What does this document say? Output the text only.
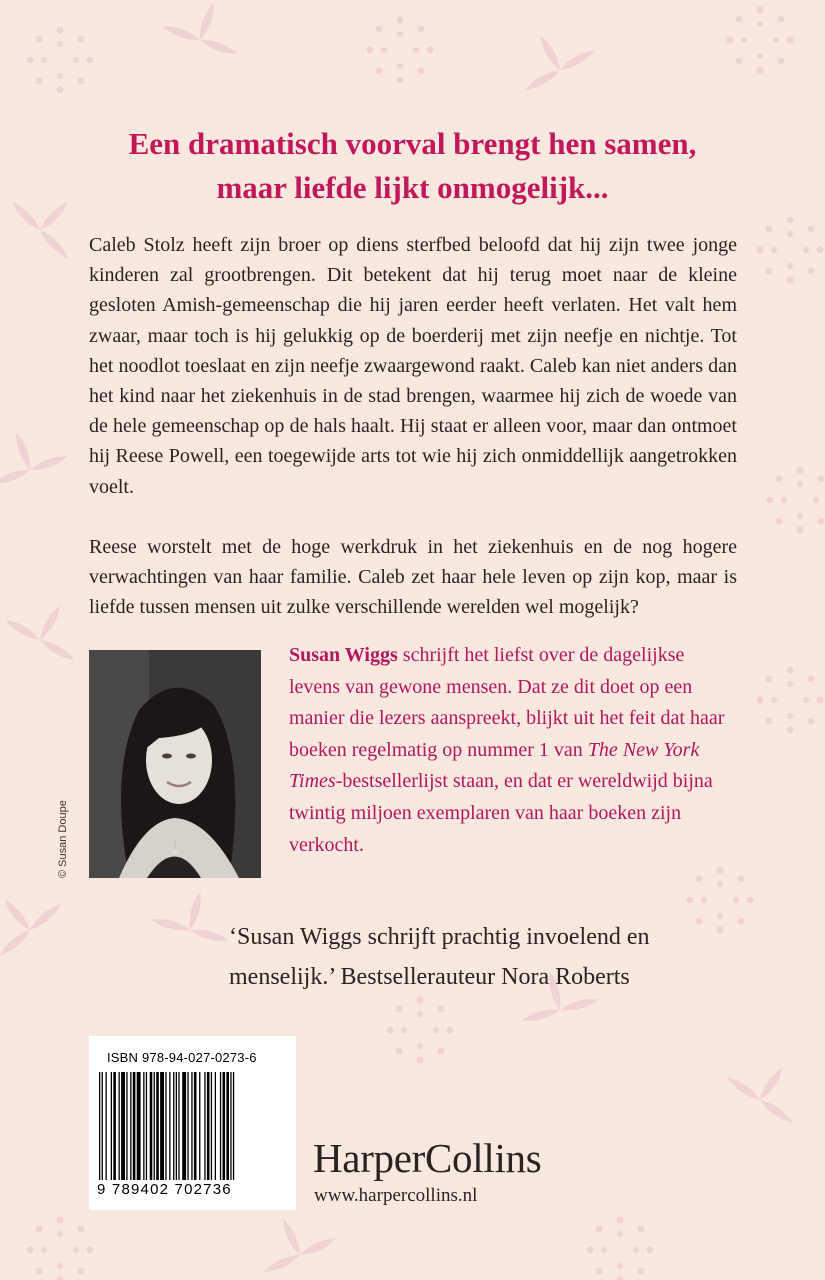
Een dramatisch voorval brengt hen samen,
maar liefde lijkt onmogelijk...
Caleb Stolz heeft zijn broer op diens sterfbed beloofd dat hij zijn twee jonge kinderen zal grootbrengen. Dit betekent dat hij terug moet naar de kleine gesloten Amish-gemeenschap die hij jaren eerder heeft verlaten. Het valt hem zwaar, maar toch is hij gelukkig op de boerderij met zijn neefje en nichtje. Tot het noodlot toeslaat en zijn neefje zwaargewond raakt. Caleb kan niet anders dan het kind naar het ziekenhuis in de stad brengen, waarmee hij zich de woede van de hele gemeenschap op de hals haalt. Hij staat er alleen voor, maar dan ontmoet hij Reese Powell, een toegewijde arts tot wie hij zich onmiddellijk aangetrokken voelt.
Reese worstelt met de hoge werkdruk in het ziekenhuis en de nog hogere verwachtingen van haar familie. Caleb zet haar hele leven op zijn kop, maar is liefde tussen mensen uit zulke verschillende werelden wel mogelijk?
© Susan Doupe
Susan Wiggs schrijft het liefst over de dagelijkse levens van gewone mensen. Dat ze dit doet op een manier die lezers aanspreekt, blijkt uit het feit dat haar boeken regelmatig op nummer 1 van The New York Times-bestsellerlijst staan, en dat er wereldwijd bijna twintig miljoen exemplaren van haar boeken zijn verkocht.
‘Susan Wiggs schrijft prachtig invoelend en menselijk.’ Bestsellerauteur Nora Roberts
ISBN 978-94-027-0273-6
9 789402 702736
HarperCollins
www.harpercollins.nl
